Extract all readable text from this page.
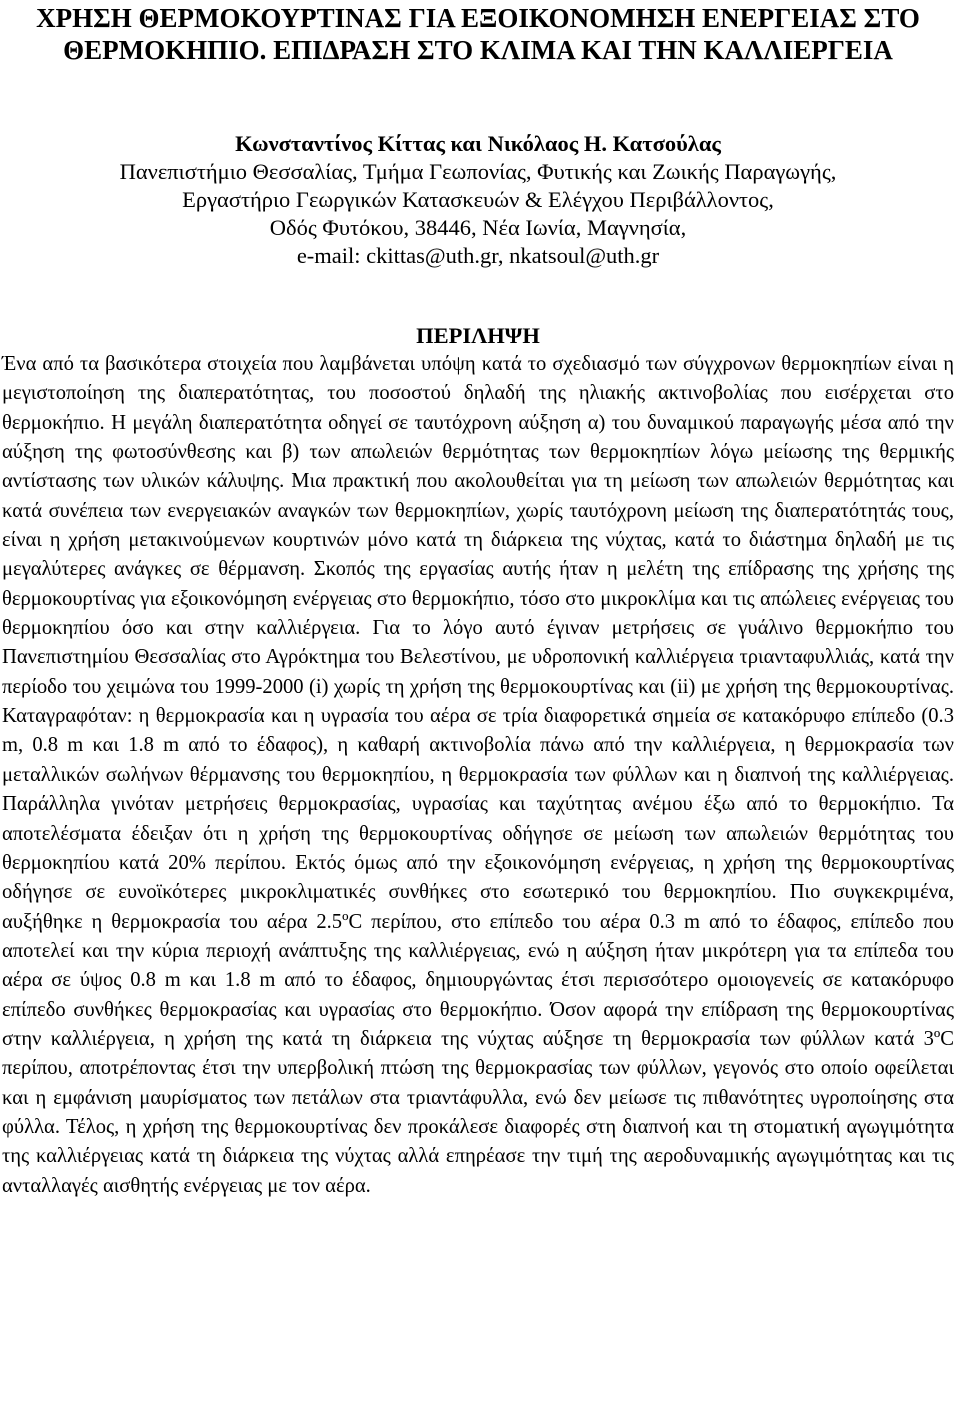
ΧΡΗΣΗ ΘΕΡΜΟΚΟΥΡΤΙΝΑΣ ΓΙΑ ΕΞΟΙΚΟΝΟΜΗΣΗ ΕΝΕΡΓΕΙΑΣ ΣΤΟ ΘΕΡΜΟΚΗΠΙΟ. ΕΠΙΔΡΑΣΗ ΣΤΟ ΚΛΙΜΑ ΚΑΙ ΤΗΝ ΚΑΛΛΙΕΡΓΕΙΑ
Κωνσταντίνος Κίττας και Νικόλαος Η. Κατσούλας
Πανεπιστήμιο Θεσσαλίας, Τμήμα Γεωπονίας, Φυτικής και Ζωικής Παραγωγής,
Εργαστήριο Γεωργικών Κατασκευών & Ελέγχου Περιβάλλοντος,
Οδός Φυτόκου, 38446, Νέα Ιωνία, Μαγνησία,
e-mail: ckittas@uth.gr, nkatsoul@uth.gr
ΠΕΡΙΛΗΨΗ

Ένα από τα βασικότερα στοιχεία που λαμβάνεται υπόψη κατά το σχεδιασμό των σύγχρονων θερμοκηπίων είναι η μεγιστοποίηση της διαπερατότητας, του ποσοστού δηλαδή της ηλιακής ακτινοβολίας που εισέρχεται στο θερμοκήπιο. Η μεγάλη διαπερατότητα οδηγεί σε ταυτόχρονη αύξηση α) του δυναμικού παραγωγής μέσα από την αύξηση της φωτοσύνθεσης και β) των απωλειών θερμότητας των θερμοκηπίων λόγω μείωσης της θερμικής αντίστασης των υλικών κάλυψης. Μια πρακτική που ακολουθείται για τη μείωση των απωλειών θερμότητας και κατά συνέπεια των ενεργειακών αναγκών των θερμοκηπίων, χωρίς ταυτόχρονη μείωση της διαπερατότητάς τους, είναι η χρήση μετακινούμενων κουρτινών μόνο κατά τη διάρκεια της νύχτας, κατά το διάστημα δηλαδή με τις μεγαλύτερες ανάγκες σε θέρμανση. Σκοπός της εργασίας αυτής ήταν η μελέτη της επίδρασης της χρήσης της θερμοκουρτίνας για εξοικονόμηση ενέργειας στο θερμοκήπιο, τόσο στο μικροκλίμα και τις απώλειες ενέργειας του θερμοκηπίου όσο και στην καλλιέργεια. Για το λόγο αυτό έγιναν μετρήσεις σε γυάλινο θερμοκήπιο του Πανεπιστημίου Θεσσαλίας στο Αγρόκτημα του Βελεστίνου, με υδροπονική καλλιέργεια τριανταφυλλιάς, κατά την περίοδο του χειμώνα του 1999-2000 (i) χωρίς τη χρήση της θερμοκουρτίνας και (ii) με χρήση της θερμοκουρτίνας. Καταγραφόταν: η θερμοκρασία και η υγρασία του αέρα σε τρία διαφορετικά σημεία σε κατακόρυφο επίπεδο (0.3 m, 0.8 m και 1.8 m από το έδαφος), η καθαρή ακτινοβολία πάνω από την καλλιέργεια, η θερμοκρασία των μεταλλικών σωλήνων θέρμανσης του θερμοκηπίου, η θερμοκρασία των φύλλων και η διαπνοή της καλλιέργειας. Παράλληλα γινόταν μετρήσεις θερμοκρασίας, υγρασίας και ταχύτητας ανέμου έξω από το θερμοκήπιο. Τα αποτελέσματα έδειξαν ότι η χρήση της θερμοκουρτίνας οδήγησε σε μείωση των απωλειών θερμότητας του θερμοκηπίου κατά 20% περίπου. Εκτός όμως από την εξοικονόμηση ενέργειας, η χρήση της θερμοκουρτίνας οδήγησε σε ευνοϊκότερες μικροκλιματικές συνθήκες στο εσωτερικό του θερμοκηπίου. Πιο συγκεκριμένα, αυξήθηκε η θερμοκρασία του αέρα 2.5ºC περίπου, στο επίπεδο του αέρα 0.3 m από το έδαφος, επίπεδο που αποτελεί και την κύρια περιοχή ανάπτυξης της καλλιέργειας, ενώ η αύξηση ήταν μικρότερη για τα επίπεδα του αέρα σε ύψος 0.8 m και 1.8 m από το έδαφος, δημιουργώντας έτσι περισσότερο ομοιογενείς σε κατακόρυφο επίπεδο συνθήκες θερμοκρασίας και υγρασίας στο θερμοκήπιο. Όσον αφορά την επίδραση της θερμοκουρτίνας στην καλλιέργεια, η χρήση της κατά τη διάρκεια της νύχτας αύξησε τη θερμοκρασία των φύλλων κατά 3ºC περίπου, αποτρέποντας έτσι την υπερβολική πτώση της θερμοκρασίας των φύλλων, γεγονός στο οποίο οφείλεται και η εμφάνιση μαυρίσματος των πετάλων στα τριαντάφυλλα, ενώ δεν μείωσε τις πιθανότητες υγροποίησης στα φύλλα. Τέλος, η χρήση της θερμοκουρτίνας δεν προκάλεσε διαφορές στη διαπνοή και τη στοματική αγωγιμότητα της καλλιέργειας κατά τη διάρκεια της νύχτας αλλά επηρέασε την τιμή της αεροδυναμικής αγωγιμότητας και τις ανταλλαγές αισθητής ενέργειας με τον αέρα.
